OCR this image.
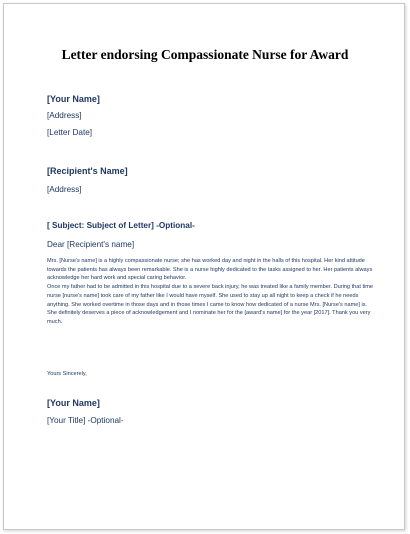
Letter endorsing Compassionate Nurse for Award
[Your Name]
[Address]
[Letter Date]
[Recipient's Name]
[Address]
[ Subject: Subject of Letter] -Optional-
Dear [Recipient's name]

Mrs. [Nurse's name] is a highly compassionate nurse; she has worked day and night in the halls of this hospital. Her kind attitude towards the patients has always been remarkable. She is a nurse highly dedicated to the tasks assigned to her. Her patients always acknowledge her hard work and special caring behavior.

Once my father had to be admitted in this hospital due to a severe back injury, he was treated like a family member. During that time nurse [nurse's name] took care of my father like I would have myself. She used to stay up all night to keep a check if he needs anything. She worked overtime in those days and in those times I came to know how dedicated of a nurse Mrs. [Nurse's name] is. She definitely deserves a piece of acknowledgement and I nominate her for the [award's name] for the year [2017]. Thank you very much.

Yours Sincerely,
[Your Name]
[Your Title] -Optional-
